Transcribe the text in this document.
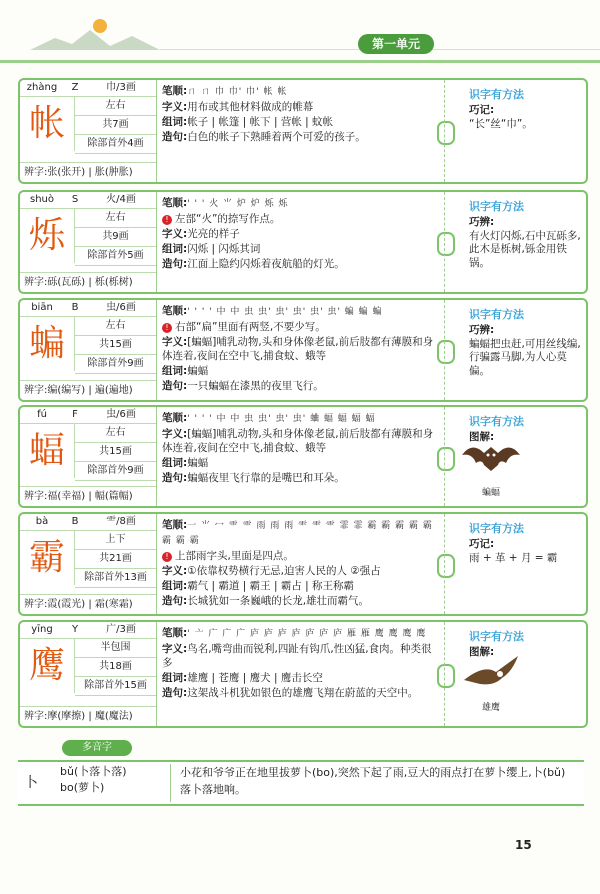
第一单元
zhàng	Z	巾/3画
帐	左右
共7画
除部首外4画
辨字:张(张开) | 胀(肿胀)
笔顺:ㄇ ㄇ 巾 巾' 巾' 帐 帐
字义:用布或其他材料做成的帷幕
组词:帐子 | 帐篷 | 帐下 | 营帐 | 蚊帐
造句:白色的帐子下熟睡着两个可爱的孩子。
识字有方法
巧记:
“长”丝“巾”。
shuò	S	火/4画
烁	左右
共9画
除部首外5画
辨字:砾(瓦砾) | 栎(栎树)
笔顺:' ' ' 火 ⺌ 炉 炉 烁 烁
! 左部“火”的捺写作点。
字义:光亮的样子
组词:闪烁 | 闪烁其词
造句:江面上隐约闪烁着夜航船的灯光。
识字有方法
巧辨:
有火灯闪烁,石中瓦砾多,此木是栎树,铄金用铁锅。
biān	B	虫/6画
蝙	左右
共15画
除部首外9画
辨字:编(编写) | 遍(遍地)
笔顺:' ' ' ' 中 中 虫 虫' 虫' 虫' 虫' 虫' 蝙 蝙 蝙
! 右部“扁”里面有两竖,不要少写。
字义:[蝙蝠]哺乳动物,头和身体像老鼠,前后肢都有薄膜和身体连着,夜间在空中飞,捕食蚊、蛾等
组词:蝙蝠
造句:一只蝙蝠在漆黑的夜里飞行。
识字有方法
巧辨:
蝙蝠把虫赶,可用丝线编,行骗露马脚,为人心莫偏。
fú	F	虫/6画
蝠	左右
共15画
除部首外9画
辨字:福(幸福) | 幅(篇幅)
笔顺:' ' ' ' 中 中 虫 虫' 虫' 虫' 蛐 蝠 蝠 蝠 蝠
字义:[蝙蝠]哺乳动物,头和身体像老鼠,前后肢都有薄膜和身体连着,夜间在空中飞,捕食蚊、蛾等
组词:蝙蝠
造句:蝙蝠夜里飞行靠的是嘴巴和耳朵。
识字有方法
图解:
bà	B	⻗/8画
霸	上下
共21画
除部首外13画
辨字:霞(霞光) | 霜(寒霜)
笔顺:一 ⺌ 冖 ⻗ ⻗ 雨 雨 雨 ⻗ ⻗ ⻗ 霏 霏 霸 霸 霸 霸 霸 霸 霸 霸
! 上部雨字头,里面是四点。
字义:①依靠权势横行无忌,迫害人民的人 ②强占
组词:霸气 | 霸道 | 霸王 | 霸占 | 称王称霸
造句:长城犹如一条巍峨的长龙,雄壮而霸气。
识字有方法
巧记:
雨 + 革 + 月 = 霸
yīng	Y	广/3画
鹰	半包围
共18画
除部首外15画
辨字:摩(摩擦) | 魔(魔法)
笔顺:' 亠 广 广 广 庐 庐 庐 庐 庐 庐 庐 雁 雁 鹰 鹰 鹰 鹰
字义:鸟名,嘴弯曲而锐利,四趾有钩爪,性凶猛,食肉。种类很多
组词:雄鹰 | 苍鹰 | 鹰犬 | 鹰击长空
造句:这架战斗机犹如银色的雄鹰飞翔在蔚蓝的天空中。
识字有方法
图解:
多音字
卜
bǔ(卜落卜落)
bo(萝卜)
小花和爷爷正在地里拔萝卜(bo),突然下起了雨,豆大的雨点打在萝卜缨上,卜(bǔ)落卜落地响。
15
蝙蝠
雄鹰
